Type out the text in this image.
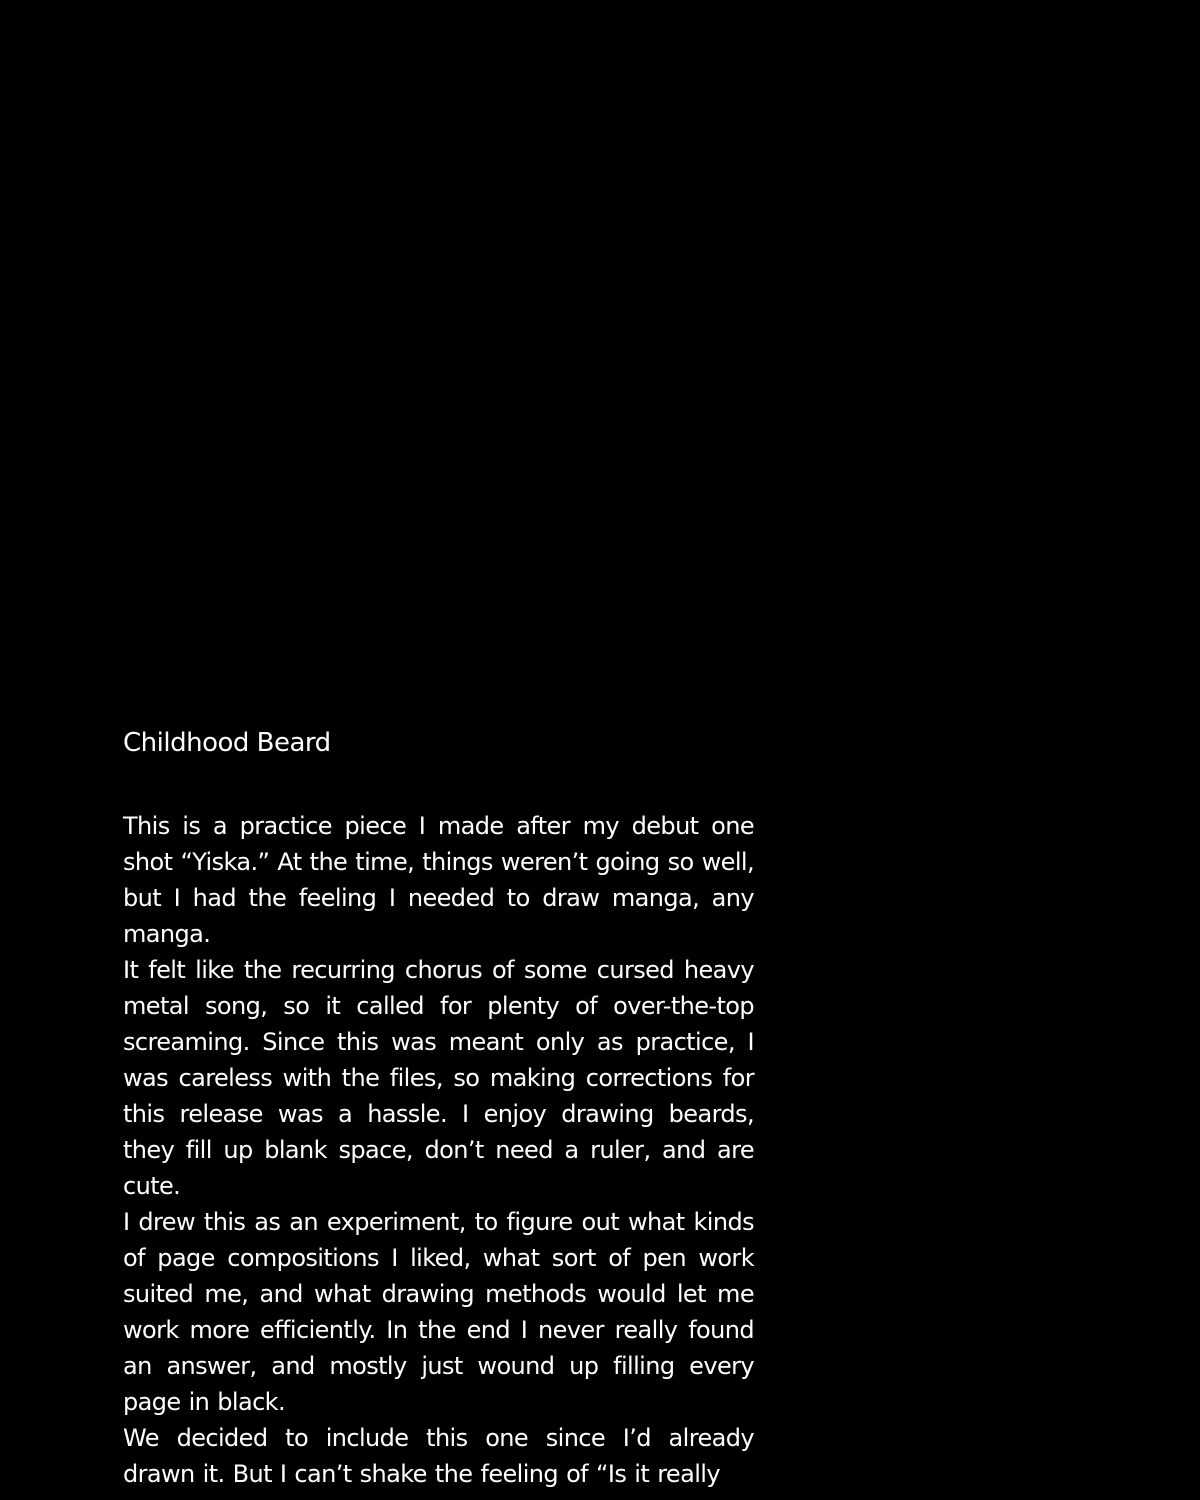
Childhood Beard

This is a practice piece I made after my debut one shot “Yiska.” At the time, things weren’t going so well, but I had the feeling I needed to draw manga, any manga.

It felt like the recurring chorus of some cursed heavy metal song, so it called for plenty of over-the-top screaming. Since this was meant only as practice, I was careless with the files, so making corrections for this release was a hassle. I enjoy drawing beards, they fill up blank space, don’t need a ruler, and are cute.

I drew this as an experiment, to figure out what kinds of page compositions I liked, what sort of pen work suited me, and what drawing methods would let me work more efficiently. In the end I never really found an answer, and mostly just wound up filling every page in black.

We decided to include this one since I’d already drawn it. But I can’t shake the feeling of “Is it really
